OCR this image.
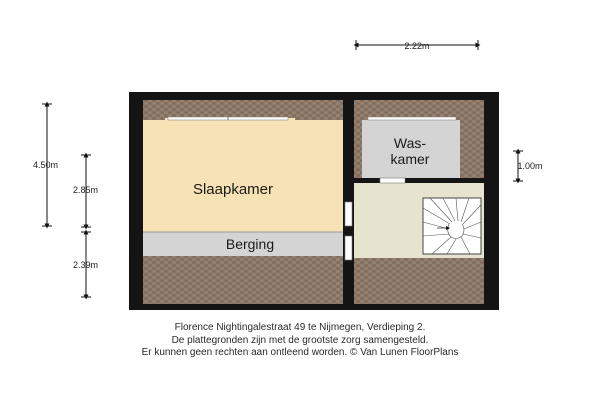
Slaapkamer
Berging
Was-
kamer
2.22m
4.50m
2.85m
2.39m
1.00m
Florence Nightingalestraat 49 te Nijmegen, Verdieping 2.
De plattegronden zijn met de grootste zorg samengesteld.
Er kunnen geen rechten aan ontleend worden. © Van Lunen FloorPlans
